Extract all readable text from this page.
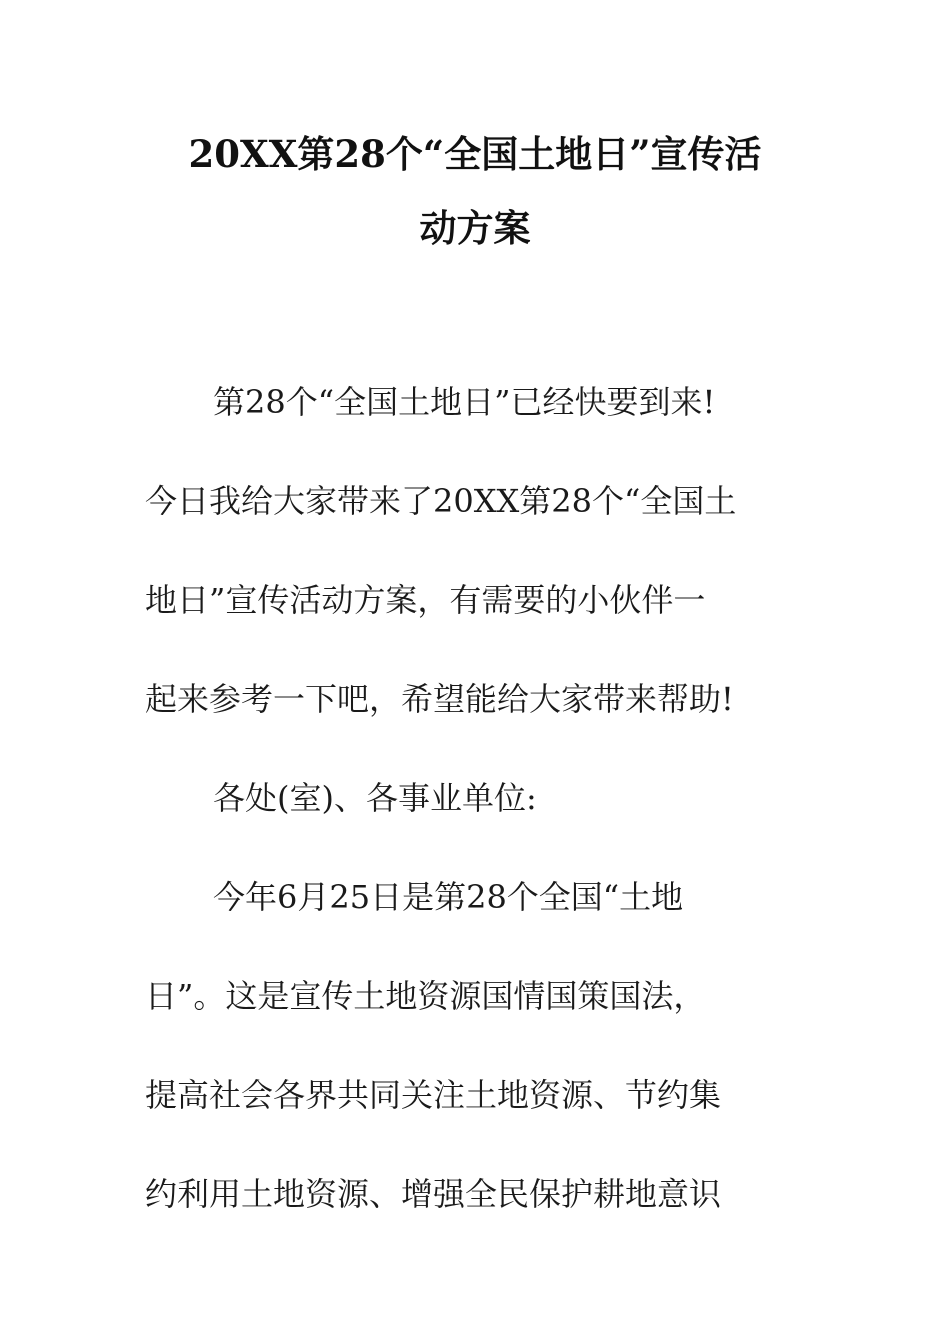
20XX第28个“全国土地日”宣传活
动方案
第28个“全国土地日”已经快要到来!
今日我给大家带来了20XX第28个“全国土
地日”宣传活动方案，有需要的小伙伴一
起来参考一下吧，希望能给大家带来帮助!
各处(室)、各事业单位:
今年6月25日是第28个全国“土地
日”。这是宣传土地资源国情国策国法，
提高社会各界共同关注土地资源、节约集
约利用土地资源、增强全民保护耕地意识
